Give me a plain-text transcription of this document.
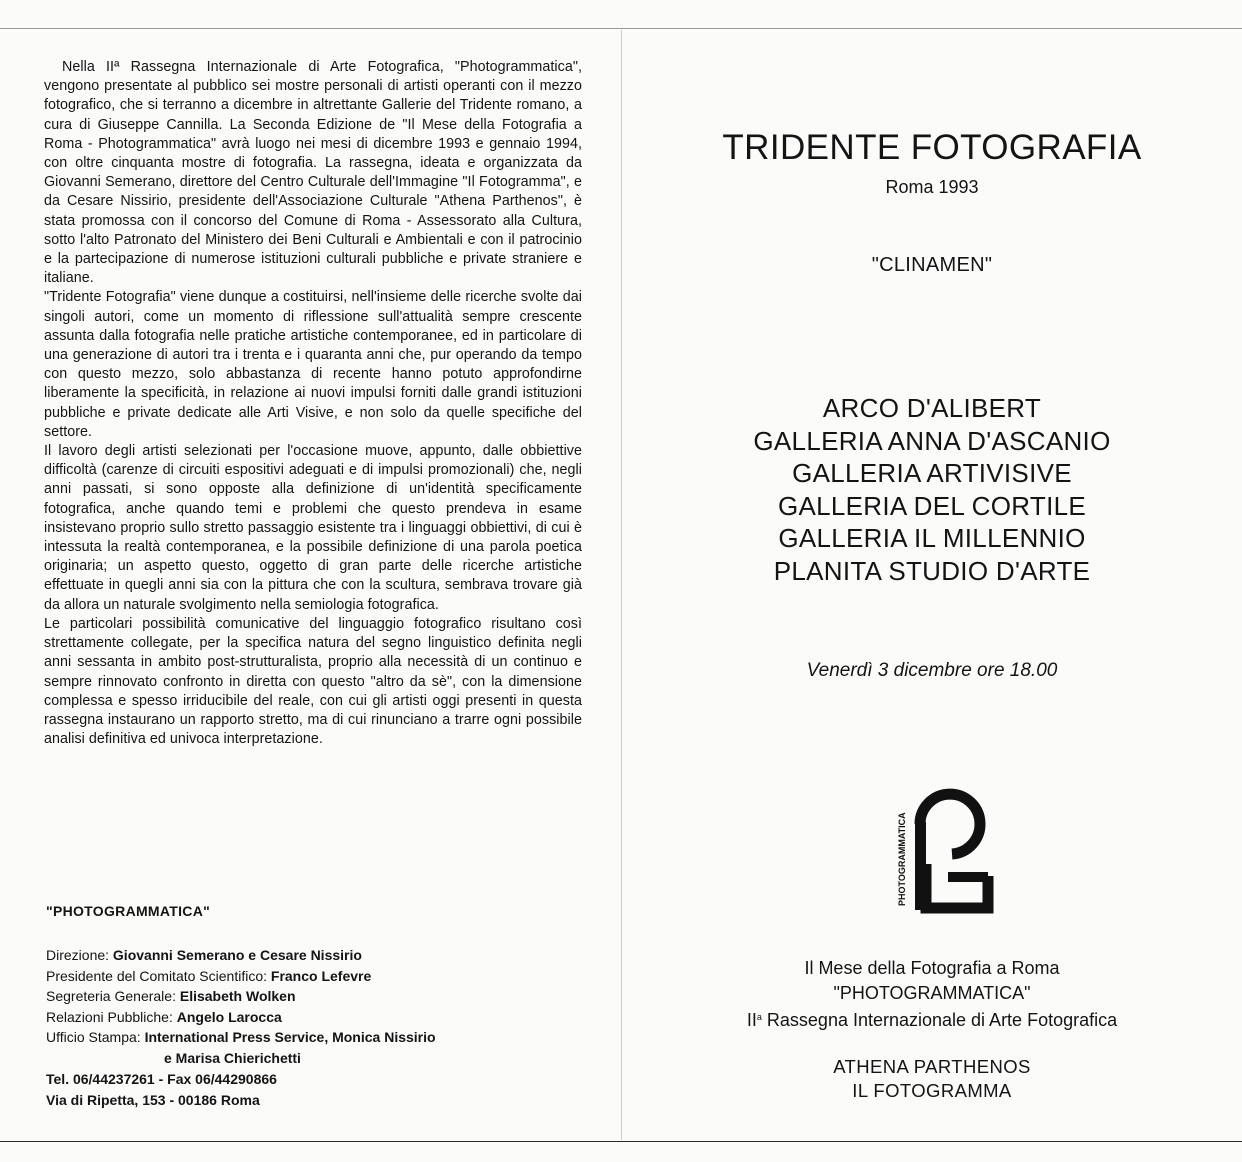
Nella IIª Rassegna Internazionale di Arte Fotografica, "Photogrammatica", vengono presentate al pubblico sei mostre personali di artisti operanti con il mezzo fotografico, che si terranno a dicembre in altrettante Gallerie del Tridente romano, a cura di Giuseppe Cannilla. La Seconda Edizione de "Il Mese della Fotografia a Roma - Photogrammatica" avrà luogo nei mesi di dicembre 1993 e gennaio 1994, con oltre cinquanta mostre di fotografia. La rassegna, ideata e organizzata da Giovanni Semerano, direttore del Centro Culturale dell'Immagine "Il Fotogramma", e da Cesare Nissirio, presidente dell'Associazione Culturale "Athena Parthenos", è stata promossa con il concorso del Comune di Roma - Assessorato alla Cultura, sotto l'alto Patronato del Ministero dei Beni Culturali e Ambientali e con il patrocinio e la partecipazione di numerose istituzioni culturali pubbliche e private straniere e italiane.

"Tridente Fotografia" viene dunque a costituirsi, nell'insieme delle ricerche svolte dai singoli autori, come un momento di riflessione sull'attualità sempre crescente assunta dalla fotografia nelle pratiche artistiche contemporanee, ed in particolare di una generazione di autori tra i trenta e i quaranta anni che, pur operando da tempo con questo mezzo, solo abbastanza di recente hanno potuto approfondirne liberamente la specificità, in relazione ai nuovi impulsi forniti dalle grandi istituzioni pubbliche e private dedicate alle Arti Visive, e non solo da quelle specifiche del settore.

Il lavoro degli artisti selezionati per l'occasione muove, appunto, dalle obbiettive difficoltà (carenze di circuiti espositivi adeguati e di impulsi promozionali) che, negli anni passati, si sono opposte alla definizione di un'identità specificamente fotografica, anche quando temi e problemi che questo prendeva in esame insistevano proprio sullo stretto passaggio esistente tra i linguaggi obbiettivi, di cui è intessuta la realtà contemporanea, e la possibile definizione di una parola poetica originaria; un aspetto questo, oggetto di gran parte delle ricerche artistiche effettuate in quegli anni sia con la pittura che con la scultura, sembrava trovare già da allora un naturale svolgimento nella semiologia fotografica.

Le particolari possibilità comunicative del linguaggio fotografico risultano così strettamente collegate, per la specifica natura del segno linguistico definita negli anni sessanta in ambito post-strutturalista, proprio alla necessità di un continuo e sempre rinnovato confronto in diretta con questo "altro da sè", con la dimensione complessa e spesso irriducibile del reale, con cui gli artisti oggi presenti in questa rassegna instaurano un rapporto stretto, ma di cui rinunciano a trarre ogni possibile analisi definitiva ed univoca interpretazione.

"PHOTOGRAMMATICA"
Direzione: Giovanni Semerano e Cesare Nissirio
Presidente del Comitato Scientifico: Franco Lefevre
Segreteria Generale: Elisabeth Wolken
Relazioni Pubbliche: Angelo Larocca
Ufficio Stampa: International Press Service, Monica Nissirio
e Marisa Chierichetti
Tel. 06/44237261 - Fax 06/44290866
Via di Ripetta, 153 - 00186 Roma
TRIDENTE FOTOGRAFIA
Roma 1993
"CLINAMEN"
ARCO D'ALIBERT
GALLERIA ANNA D'ASCANIO
GALLERIA ARTIVISIVE
GALLERIA DEL CORTILE
GALLERIA IL MILLENNIO
PLANITA STUDIO D'ARTE
Venerdì 3 dicembre ore 18.00
PHOTOGRAMMATICA
Il Mese della Fotografia a Roma
"PHOTOGRAMMATICA"
$II^a$ Rassegna Internazionale di Arte Fotografica
ATHENA PARTHENOS
IL FOTOGRAMMA
